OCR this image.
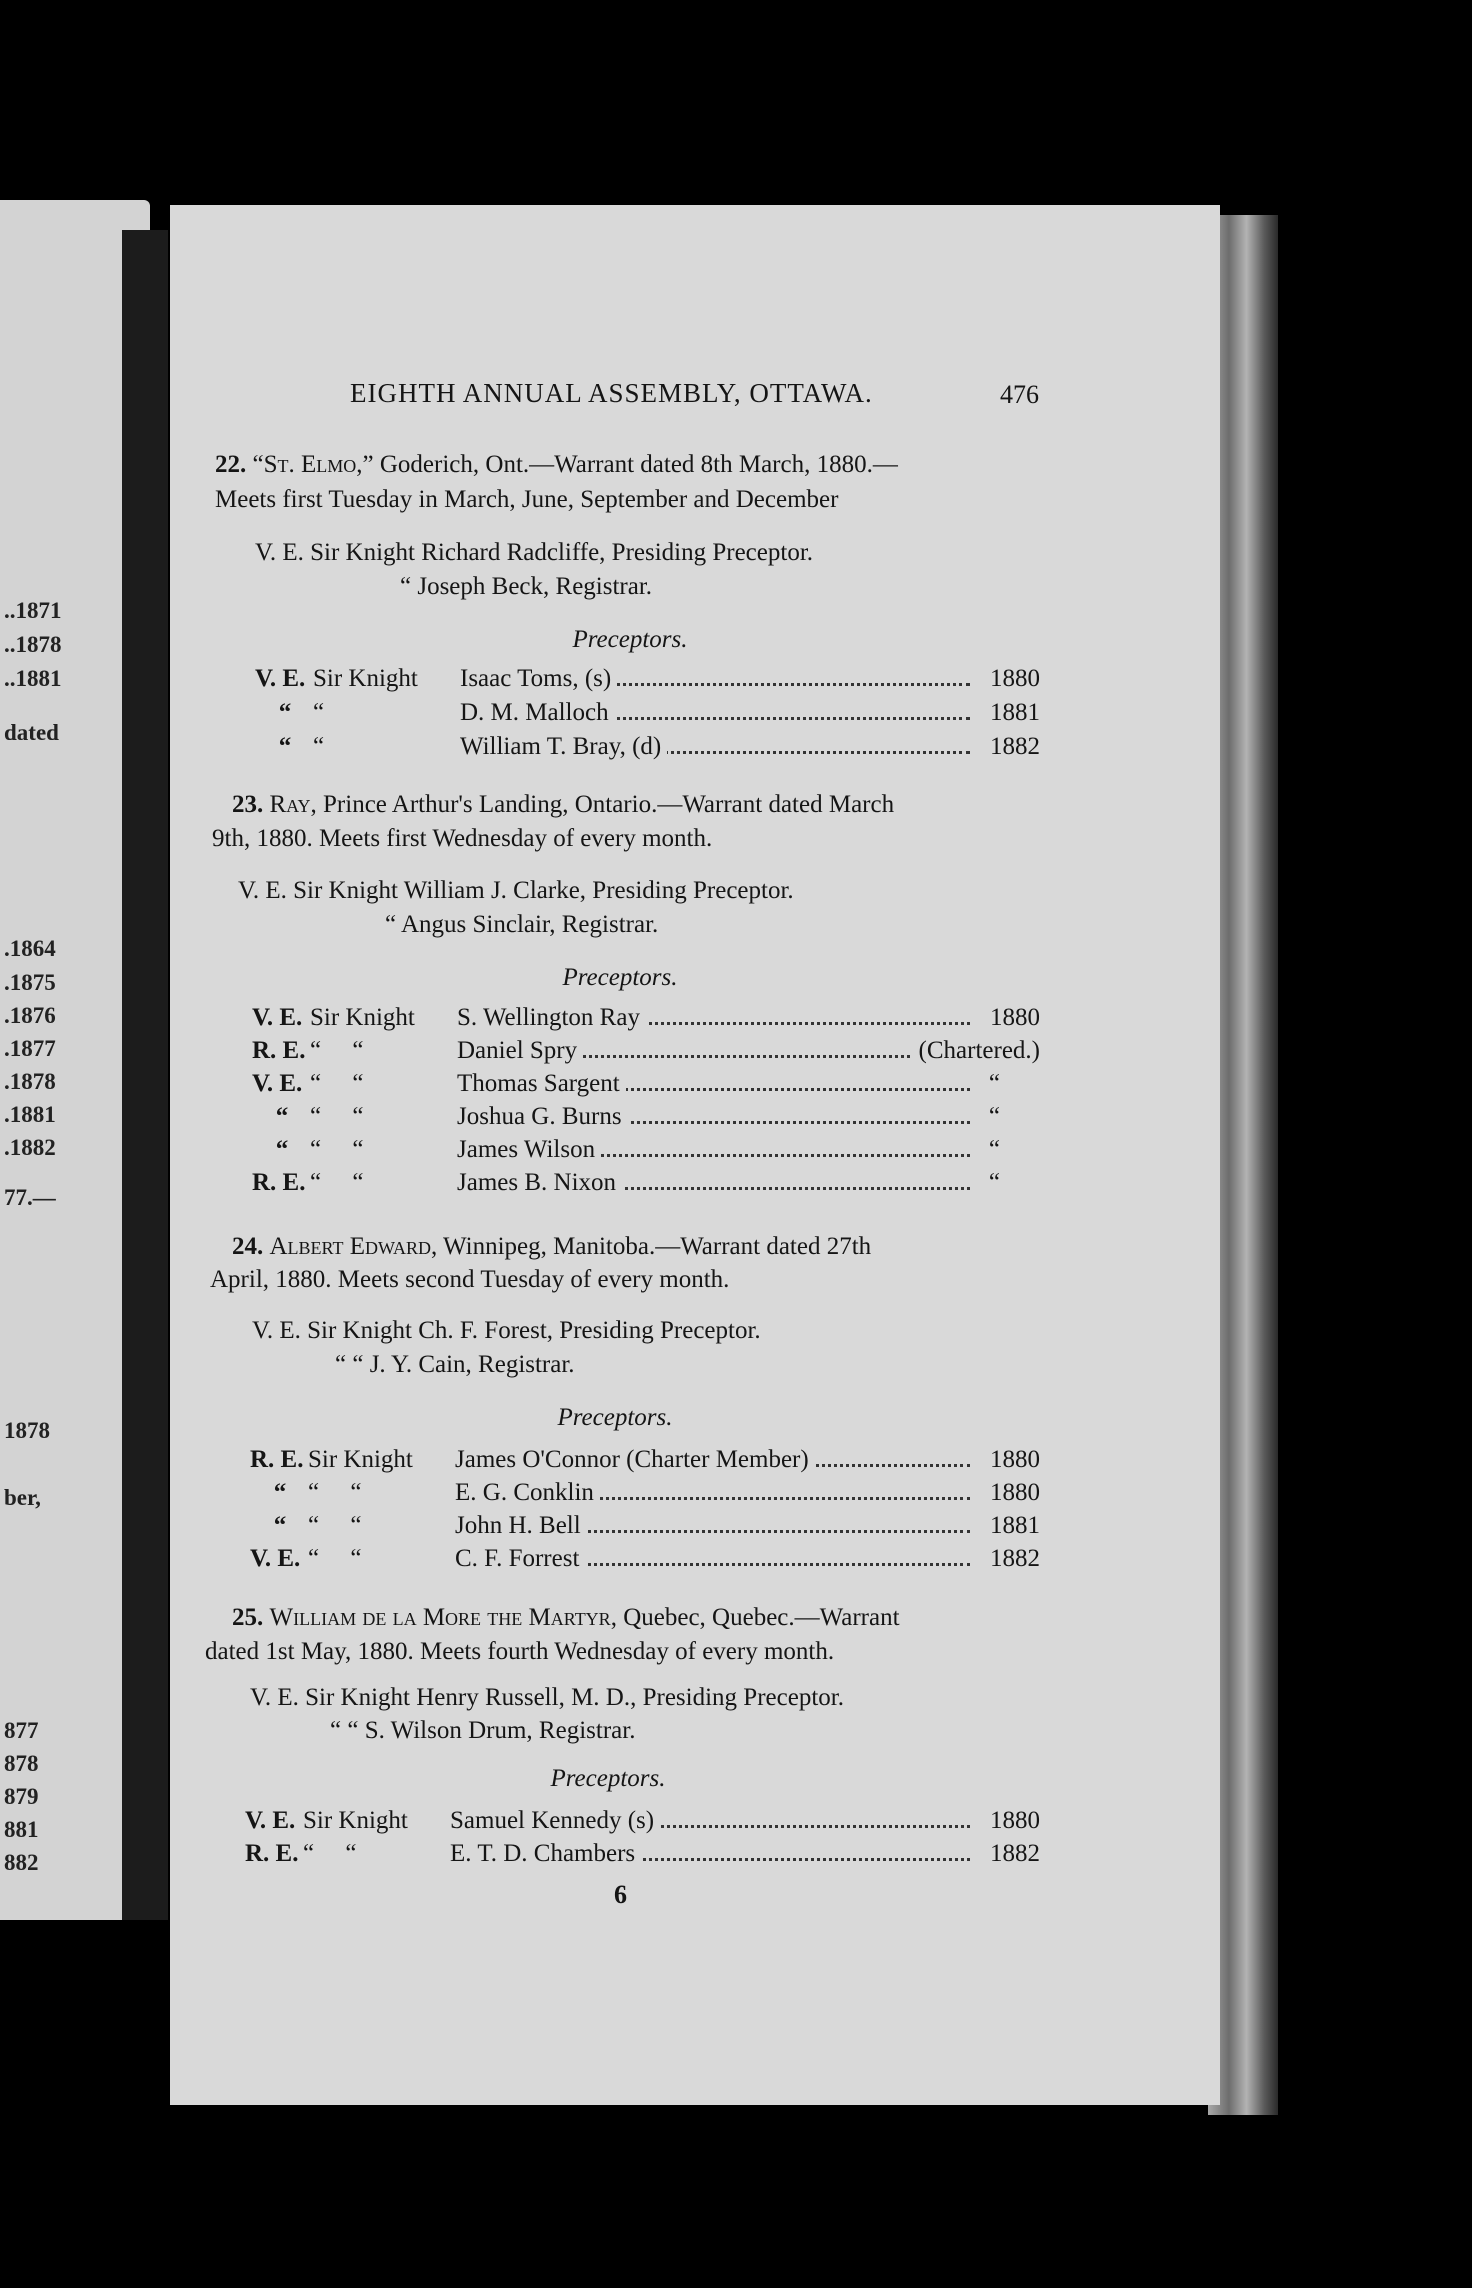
..1871
..1878
..1881
dated
.1864
.1875
.1876
.1877
.1878
.1881
.1882
77.—
1878
ber,
877
878
879
881
882
EIGHTH ANNUAL ASSEMBLY, OTTAWA.	476
22. “St. Elmo,” Goderich, Ont.—Warrant dated 8th March, 1880.—
Meets first Tuesday in March, June, September and December
V. E. Sir Knight Richard Radcliffe, Presiding Preceptor.
“ Joseph Beck, Registrar.
Preceptors.
23. Ray, Prince Arthur's Landing, Ontario.—Warrant dated March
9th, 1880. Meets first Wednesday of every month.
V. E. Sir Knight William J. Clarke, Presiding Preceptor.
“ Angus Sinclair, Registrar.
Preceptors.
24. Albert Edward, Winnipeg, Manitoba.—Warrant dated 27th
April, 1880. Meets second Tuesday of every month.
V. E. Sir Knight Ch. F. Forest, Presiding Preceptor.
“ “ J. Y. Cain, Registrar.
Preceptors.
25. William de la More the Martyr, Quebec, Quebec.—Warrant
dated 1st May, 1880. Meets fourth Wednesday of every month.
V. E. Sir Knight Henry Russell, M. D., Presiding Preceptor.
“ “ S. Wilson Drum, Registrar.
Preceptors.
6
V. E. Sir Knight Isaac Toms, (s)	1880
“ “	D. M. Malloch	1881
“ “	William T. Bray, (d)	1882
V. E. Sir Knight S. Wellington Ray	1880
R. E. “     “	Daniel Spry	(Chartered.)
V. E. “     “	Thomas Sargent	“
“ “     “	Joshua G. Burns	“
“ “     “	James Wilson	“
R. E. “     “	James B. Nixon	“
R. E. Sir Knight James O'Connor (Charter Member)	1880
“ “     “	E. G. Conklin	1880
“ “     “	John H. Bell	1881
V. E. “     “	C. F. Forrest	1882
V. E. Sir Knight Samuel Kennedy (s)	1880
R. E. “     “	E. T. D. Chambers	1882
